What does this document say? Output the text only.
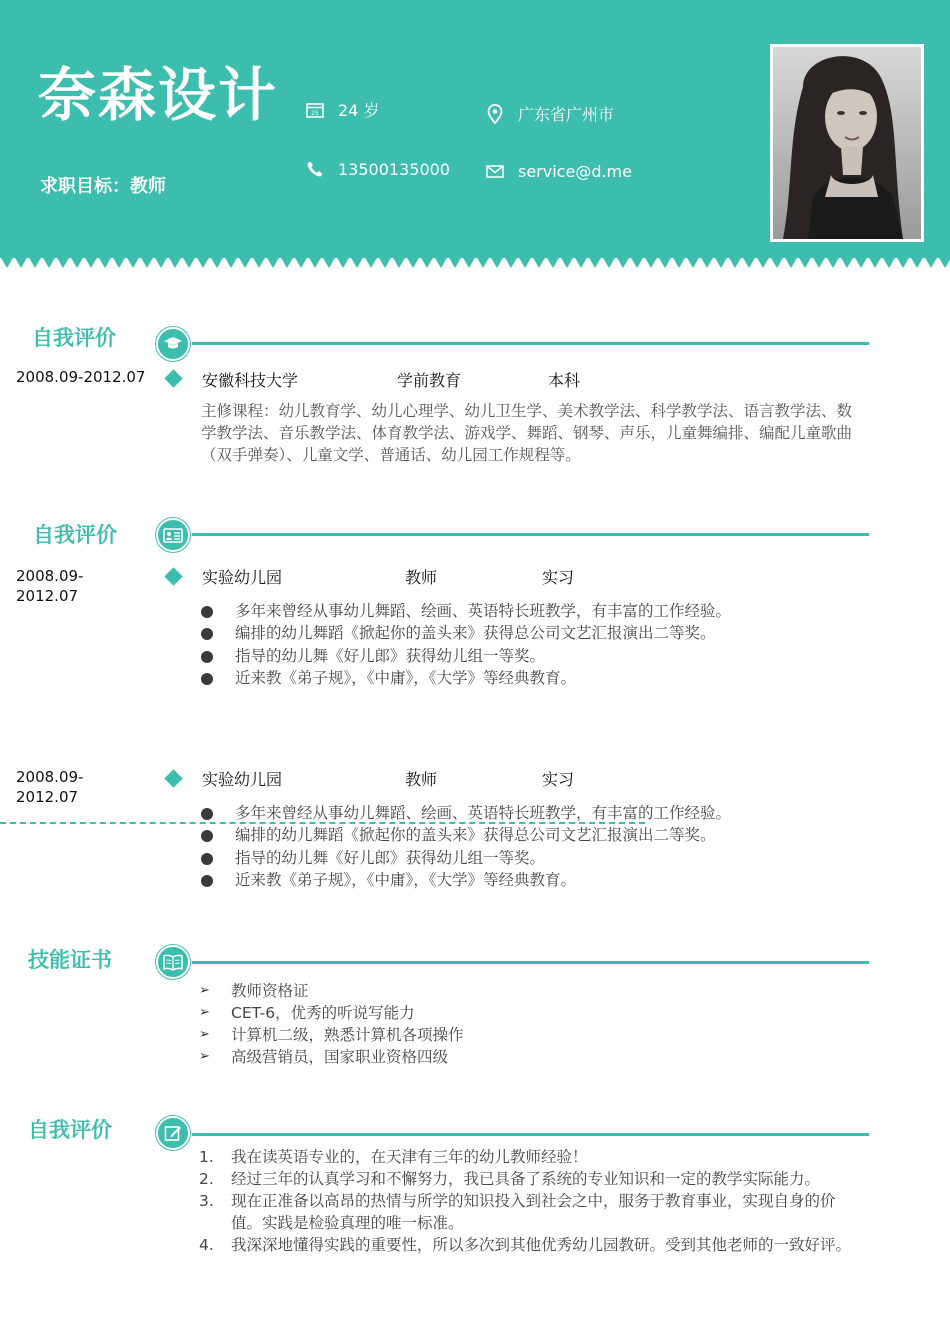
奈森设计
求职目标：教师
25 24 岁	广东省广州市
13500135000	service@d.me
自我评价
2008.09-2012.07	安徽科技大学	学前教育	本科
主修课程：幼儿教育学、幼儿心理学、幼儿卫生学、美术教学法、科学教学法、语言教学法、数学教学法、音乐教学法、体育教学法、游戏学、舞蹈、钢琴、声乐，儿童舞编排、编配儿童歌曲（双手弹奏）、儿童文学、普通话、幼儿园工作规程等。
自我评价
2008.09-
2012.07
实验幼儿园	教师	实习
多年来曾经从事幼儿舞蹈、绘画、英语特长班教学，有丰富的工作经验。
编排的幼儿舞蹈《掀起你的盖头来》获得总公司文艺汇报演出二等奖。
指导的幼儿舞《好儿郎》获得幼儿组一等奖。
近来教《弟子规》，《中庸》，《大学》等经典教育。
2008.09-
2012.07
实验幼儿园	教师	实习
多年来曾经从事幼儿舞蹈、绘画、英语特长班教学，有丰富的工作经验。
编排的幼儿舞蹈《掀起你的盖头来》获得总公司文艺汇报演出二等奖。
指导的幼儿舞《好儿郎》获得幼儿组一等奖。
近来教《弟子规》，《中庸》，《大学》等经典教育。
技能证书
➢ 教师资格证
➢ CET-6，优秀的听说写能力
➢ 计算机二级，熟悉计算机各项操作
➢ 高级营销员，国家职业资格四级
自我评价
1.	我在读英语专业的，在天津有三年的幼儿教师经验！
2.	经过三年的认真学习和不懈努力，我已具备了系统的专业知识和一定的教学实际能力。
3.	现在正准备以高昂的热情与所学的知识投入到社会之中，服务于教育事业，实现自身的价值。实践是检验真理的唯一标准。
4.	我深深地懂得实践的重要性，所以多次到其他优秀幼儿园教研。受到其他老师的一致好评。
